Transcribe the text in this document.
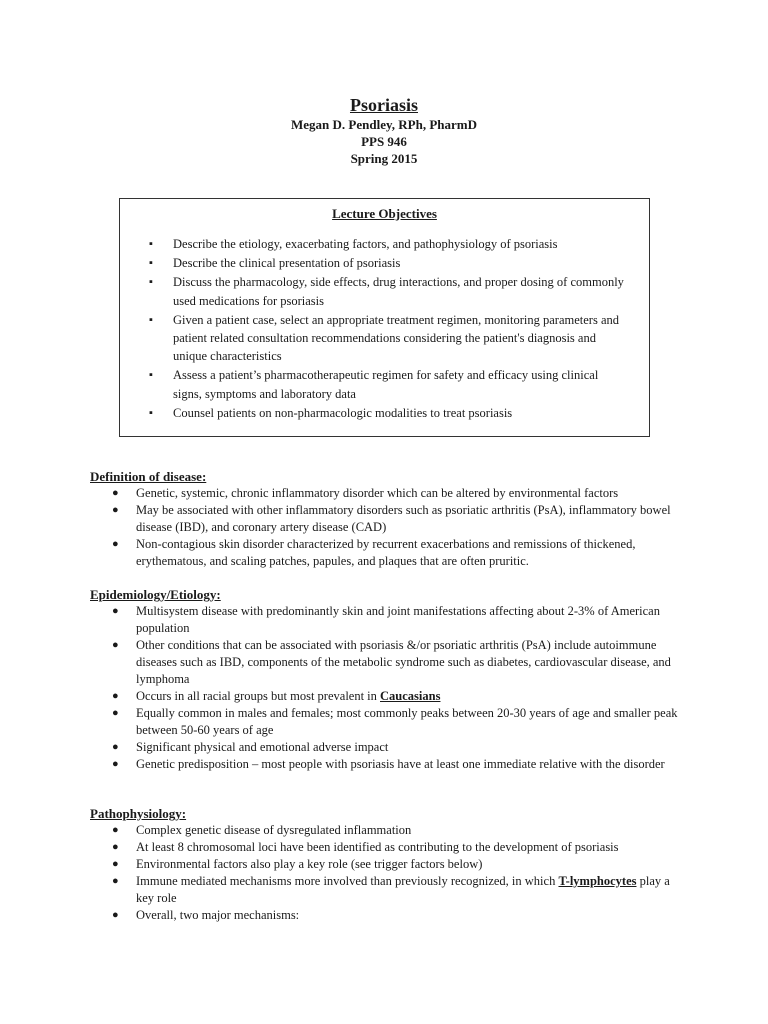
Psoriasis
Megan D. Pendley, RPh, PharmD
PPS 946
Spring 2015
Lecture Objectives
▪ Describe the etiology, exacerbating factors, and pathophysiology of psoriasis
▪ Describe the clinical presentation of psoriasis
▪ Discuss the pharmacology, side effects, drug interactions, and proper dosing of commonly used medications for psoriasis
▪ Given a patient case, select an appropriate treatment regimen, monitoring parameters and patient related consultation recommendations considering the patient's diagnosis and unique characteristics
▪ Assess a patient’s pharmacotherapeutic regimen for safety and efficacy using clinical signs, symptoms and laboratory data
▪ Counsel patients on non-pharmacologic modalities to treat psoriasis
Definition of disease:
● Genetic, systemic, chronic inflammatory disorder which can be altered by environmental factors
● May be associated with other inflammatory disorders such as psoriatic arthritis (PsA), inflammatory bowel disease (IBD), and coronary artery disease (CAD)
● Non-contagious skin disorder characterized by recurrent exacerbations and remissions of thickened, erythematous, and scaling patches, papules, and plaques that are often pruritic.
Epidemiology/Etiology:
● Multisystem disease with predominantly skin and joint manifestations affecting about 2-3% of American population
● Other conditions that can be associated with psoriasis &/or psoriatic arthritis (PsA) include autoimmune diseases such as IBD, components of the metabolic syndrome such as diabetes, cardiovascular disease, and lymphoma
● Occurs in all racial groups but most prevalent in Caucasians
● Equally common in males and females; most commonly peaks between 20-30 years of age and smaller peak between 50-60 years of age
● Significant physical and emotional adverse impact
● Genetic predisposition – most people with psoriasis have at least one immediate relative with the disorder
Pathophysiology:
● Complex genetic disease of dysregulated inflammation
● At least 8 chromosomal loci have been identified as contributing to the development of psoriasis
● Environmental factors also play a key role (see trigger factors below)
● Immune mediated mechanisms more involved than previously recognized, in which T-lymphocytes play a key role
● Overall, two major mechanisms:
